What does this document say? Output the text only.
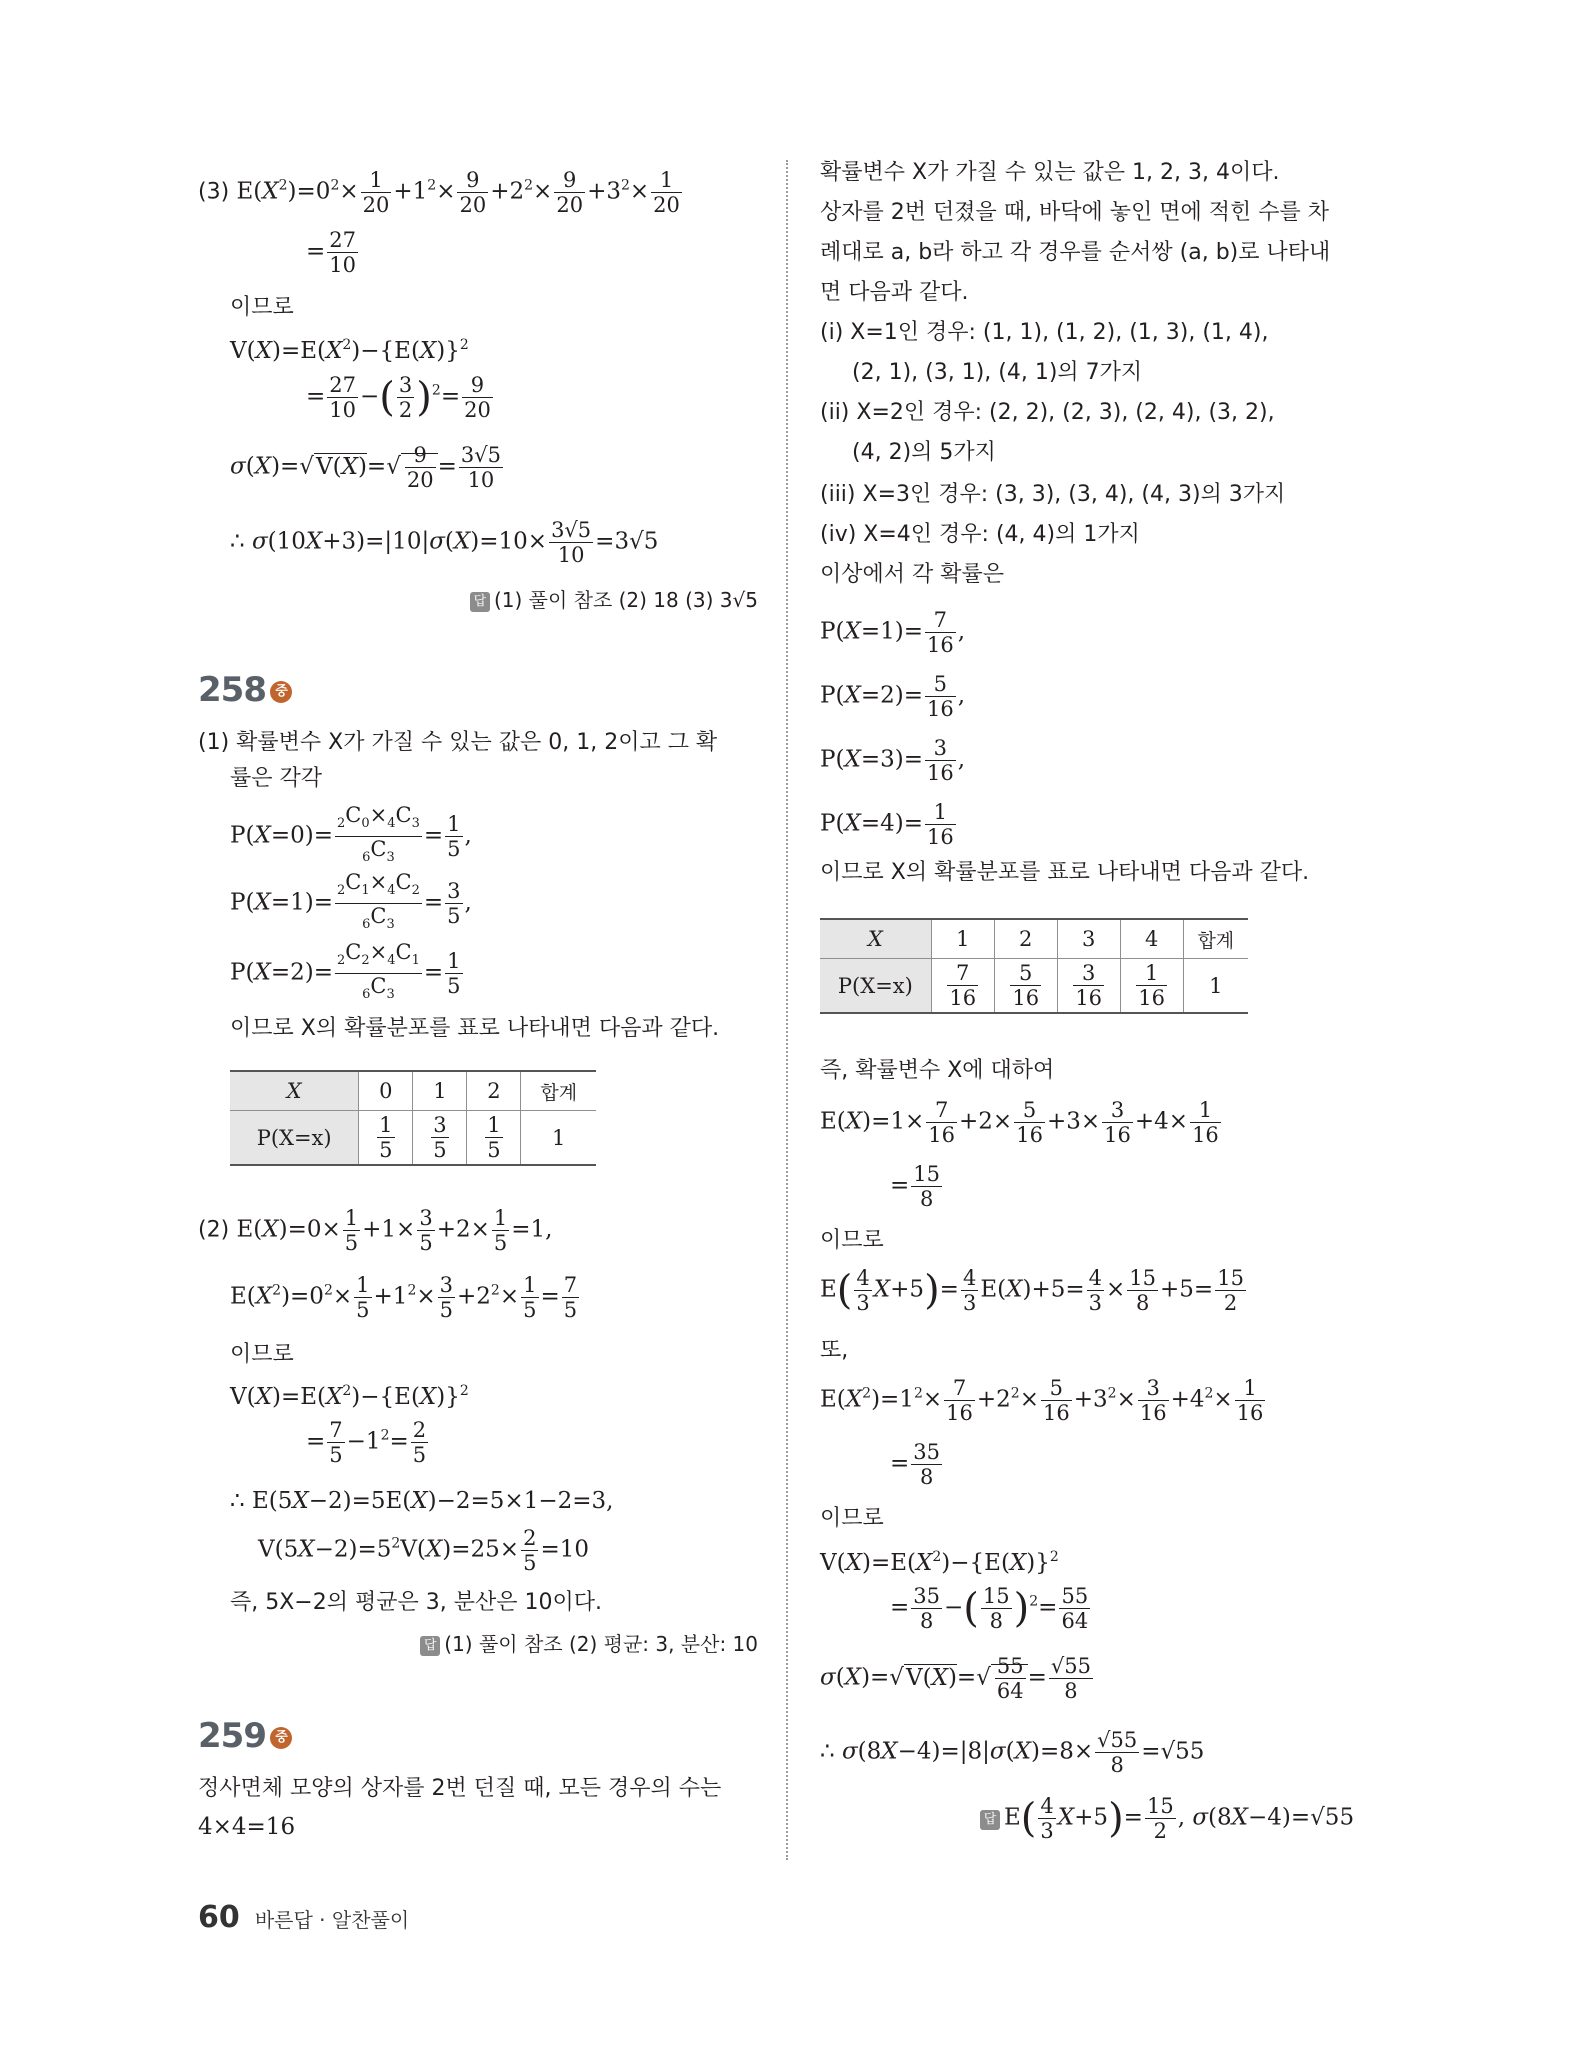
(3) $E(X^2)=0^2\times \frac{1}{20} +1^2\times \frac{9}{20} +2^2\times \frac{9}{20} +3^2\times \frac{1}{20}$
= $\frac{27}{10}$
이므로
$V(X)=E(X^2)-\{E(X)\}^2$
= $\frac{27}{10}$ −( $\frac{3}{2} )^2= \frac{9}{20}$
$\sigma(X)=√V(X)=√ \frac{9}{20} = \frac{3√5}{10}$
∴ $\sigma(10X+3)=|10|\sigma(X)=10\times \frac{3√5}{10} =3√5$
답 (1) 풀이 참조 (2) 18 (3) 3√5
258 중
(1) 확률변수 X가 가질 수 있는 값은 0, 1, 2이고 그 확
률은 각각
$P(X=0)= \frac{_2C_0\times_4C_3}{_6C_3} = \frac{1}{5}$ ,
$P(X=1)= \frac{_2C_1\times_4C_2}{_6C_3} = \frac{3}{5}$ ,
$P(X=2)= \frac{_2C_2\times_4C_1}{_6C_3} = \frac{1}{5}$
이므로 X의 확률분포를 표로 나타내면 다음과 같다.
X	0	1	2	합계
P(X=x)	$\frac{1}{5}$	$\frac{3}{5}$	$\frac{1}{5}$	1
(2) $E(X)=0\times \frac{1}{5} +1\times \frac{3}{5} +2\times \frac{1}{5} =1$,
$E(X^2)=0^2\times \frac{1}{5} +1^2\times \frac{3}{5} +2^2\times \frac{1}{5} = \frac{7}{5}$
이므로
$V(X)=E(X^2)-\{E(X)\}^2$
= $\frac{7}{5} -1^2= \frac{2}{5}$
∴ E(5X−2)=5E(X)−2=5×1−2=3,
$V(5X-2)=5^2V(X)=25\times \frac{2}{5} =10$
즉, 5X−2의 평균은 3, 분산은 10이다.
답 (1) 풀이 참조 (2) 평균: 3, 분산: 10
259 중
정사면체 모양의 상자를 2번 던질 때, 모든 경우의 수는
4×4=16
확률변수 X가 가질 수 있는 값은 1, 2, 3, 4이다.
상자를 2번 던졌을 때, 바닥에 놓인 면에 적힌 수를 차
례대로 a, b라 하고 각 경우를 순서쌍 (a, b)로 나타내
면 다음과 같다.
(i) X=1인 경우: (1, 1), (1, 2), (1, 3), (1, 4),
(2, 1), (3, 1), (4, 1)의 7가지
(ii) X=2인 경우: (2, 2), (2, 3), (2, 4), (3, 2),
(4, 2)의 5가지
(iii) X=3인 경우: (3, 3), (3, 4), (4, 3)의 3가지
(iv) X=4인 경우: (4, 4)의 1가지
이상에서 각 확률은
$P(X=1)= \frac{7}{16}$ ,
$P(X=2)= \frac{5}{16}$ ,
$P(X=3)= \frac{3}{16}$ ,
$P(X=4)= \frac{1}{16}$
이므로 X의 확률분포를 표로 나타내면 다음과 같다.
X	1	2	3	4	합계
P(X=x)	$\frac{7}{16}$	$\frac{5}{16}$	$\frac{3}{16}$	$\frac{1}{16}$	1
즉, 확률변수 X에 대하여
$E(X)=1\times \frac{7}{16} +2\times \frac{5}{16} +3\times \frac{3}{16} +4\times \frac{1}{16}$
= $\frac{15}{8}$
이므로
$E( \frac{4}{3} X+5)= \frac{4}{3} E(X)+5= \frac{4}{3} \times \frac{15}{8} +5= \frac{15}{2}$
또,
$E(X^2)=1^2\times \frac{7}{16} +2^2\times \frac{5}{16} +3^2\times \frac{3}{16} +4^2\times \frac{1}{16}$
= $\frac{35}{8}$
이므로
$V(X)=E(X^2)-\{E(X)\}^2$
= $\frac{35}{8}$ −( $\frac{15}{8} )^2= \frac{55}{64}$
$\sigma(X)=√V(X)=√ \frac{55}{64} = \frac{√55}{8}$
∴ $\sigma(8X-4)=|8|\sigma(X)=8\times \frac{√55}{8} =√55$
답 $E( \frac{4}{3} X+5)= \frac{15}{2}$ , σ(8X−4)=√55
60 바른답 · 알찬풀이
